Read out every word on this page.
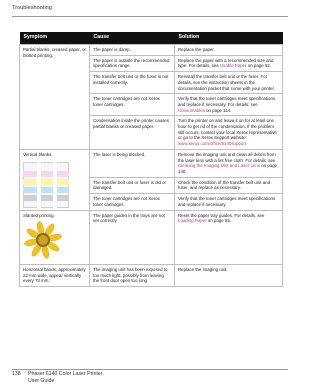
Troubleshooting
Symptom	Cause	Solution
Partial blanks, creased paper, or blotted printing.	The paper is damp.	Replace the paper.
	The paper is outside the recommended specification range.	Replace the paper with a recommended size and type. For details, see Usable Paper on page 52.
	The transfer belt unit or the fuser is not installed correctly.	Reinstall the transfer belt unit or the fuser. For details, see the instruction sheets in the documentation packet that come with your printer.
	The toner cartridges are not Xerox toner cartridges.	Verify that the toner cartridges meet specifications and replace if necessary. For details, see Consumables on page 114.
	Condensation inside the printer causes partial blanks or creased paper.	Turn the printer on and leave it on for at least one hour to get rid of the condensation. If the problem still occurs, contact your local Xerox representative or go to the Xerox Support website: www.xerox.com/office/6140support
Vertical blanks.	The laser is being blocked.	Remove the imaging unit and clean all debris from the laser lens with a lint free cloth. For details, see Cleaning the Imaging Unit and Laser Lens on page 140.
	The transfer belt unit or fuser is old or damaged.	Check the condition of the transfer belt unit and fuser, and replace as necessary.
	The toner cartridges are not Xerox toner cartridges.	Verify that the toner cartridges meet specifications and replace if necessary.
Slanted printing.	The paper guides in the trays are not set correctly.	Reset the paper tray guides. For details, see Loading Paper on page 55.
Horizontal bands, approximately 22 mm wide, appear vertically every 73 mm.	The imaging unit has been exposed to too much light, possibly from leaving the front door open too long.	Replace the imaging unit.
138 Phaser 6140 Color Laser Printer
User Guide
